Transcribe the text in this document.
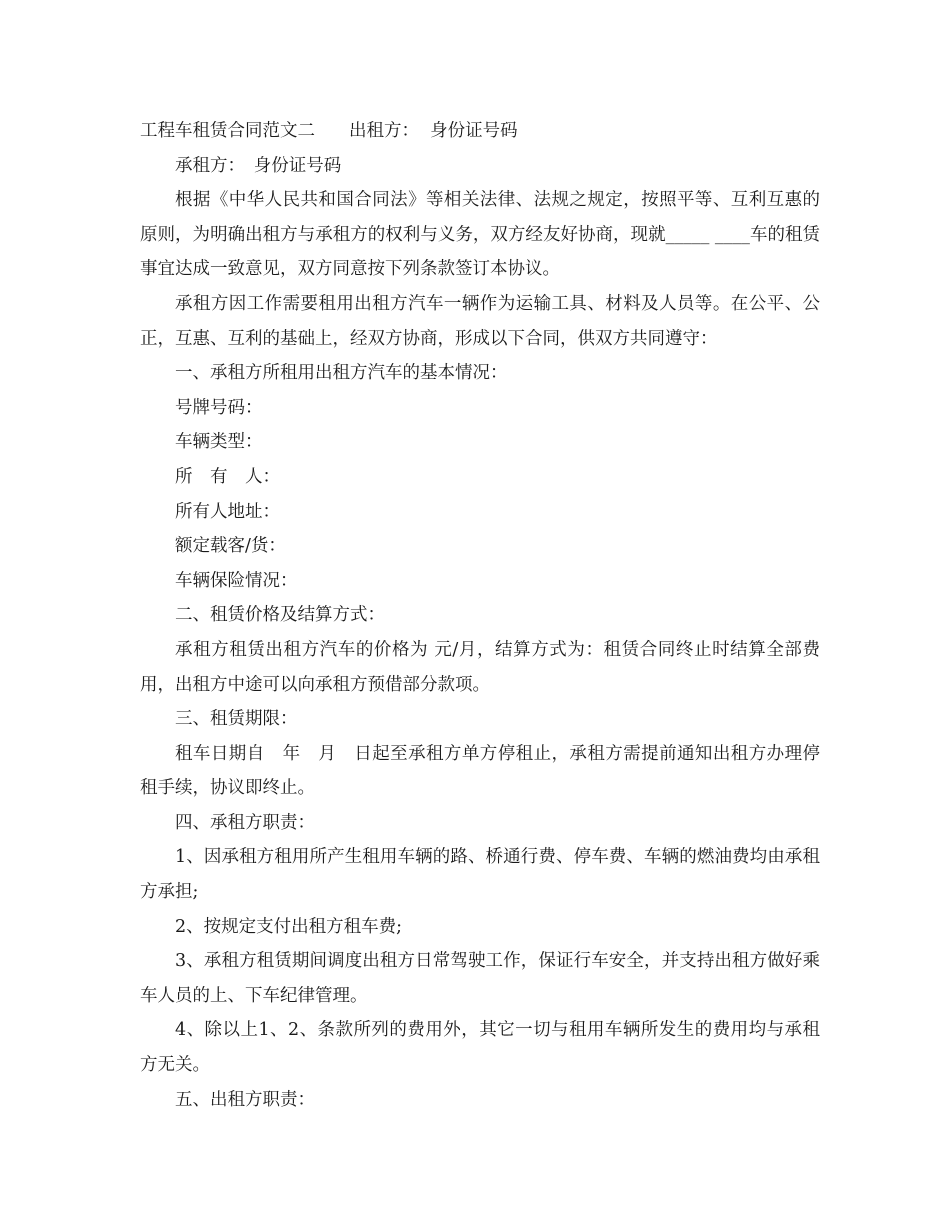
工程车租赁合同范文二 出租方： 身份证号码

承租方：　身份证号码

根据《中华人民共和国合同法》等相关法律、法规之规定，按照平等、互利互惠的原则，为明确出租方与承租方的权利与义务，双方经友好协商，现就_____ ____车的租赁事宜达成一致意见，双方同意按下列条款签订本协议。

承租方因工作需要租用出租方汽车一辆作为运输工具、材料及人员等。在公平、公正，互惠、互利的基础上，经双方协商，形成以下合同，供双方共同遵守：

一、承租方所租用出租方汽车的基本情况：

号牌号码：

车辆类型：

所　有　人：

所有人地址：

额定载客/货：

车辆保险情况：

二、租赁价格及结算方式：

承租方租赁出租方汽车的价格为 元/月，结算方式为：租赁合同终止时结算全部费用，出租方中途可以向承租方预借部分款项。

三、租赁期限：

租车日期自　年　月　日起至承租方单方停租止，承租方需提前通知出租方办理停租手续，协议即终止。

四、承租方职责：

1、因承租方租用所产生租用车辆的路、桥通行费、停车费、车辆的燃油费均由承租方承担;

2、按规定支付出租方租车费;

3、承租方租赁期间调度出租方日常驾驶工作，保证行车安全，并支持出租方做好乘车人员的上、下车纪律管理。

4、除以上1、2、条款所列的费用外，其它一切与租用车辆所发生的费用均与承租方无关。

五、出租方职责：
